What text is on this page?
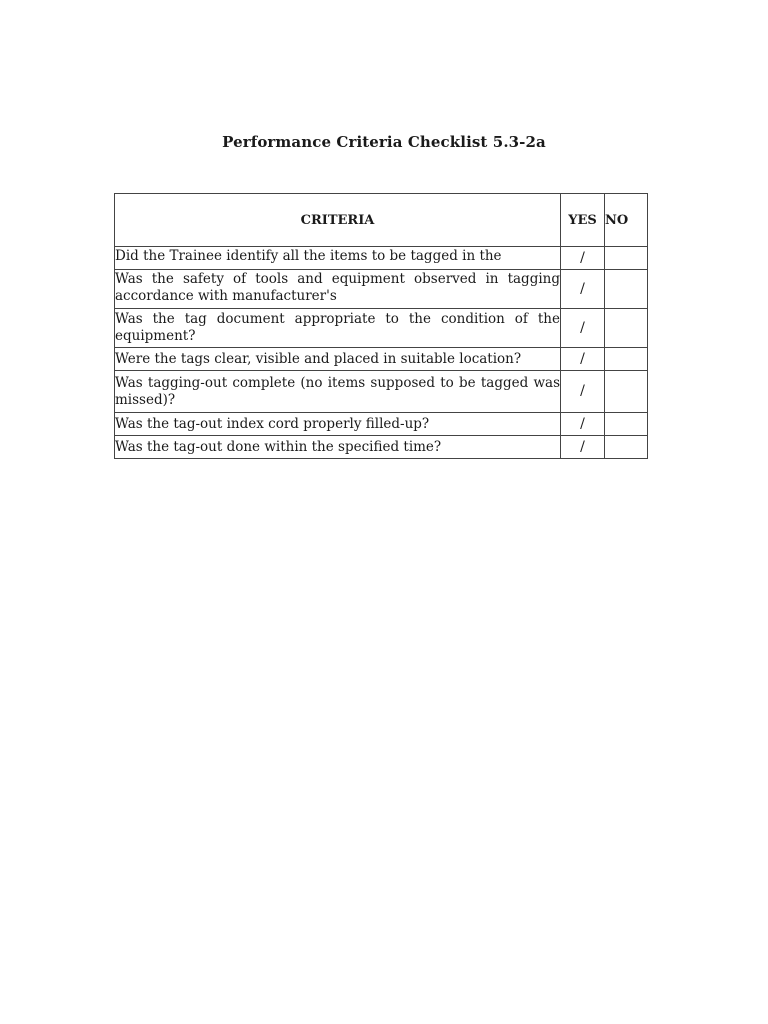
Performance Criteria Checklist 5.3-2a
CRITERIA	YES	NO

Did the Trainee identify all the items to be tagged in the	/	

Was the safety of tools and equipment observed in tagging accordance with manufacturer's	/	
Was the tag document appropriate to the condition of the equipment?	/	
Were the tags clear, visible and placed in suitable location?	/	
Was tagging-out complete (no items supposed to be tagged was missed)?	/	
Was the tag-out index cord properly filled-up?	/	
Was the tag-out done within the specified time?	/	
